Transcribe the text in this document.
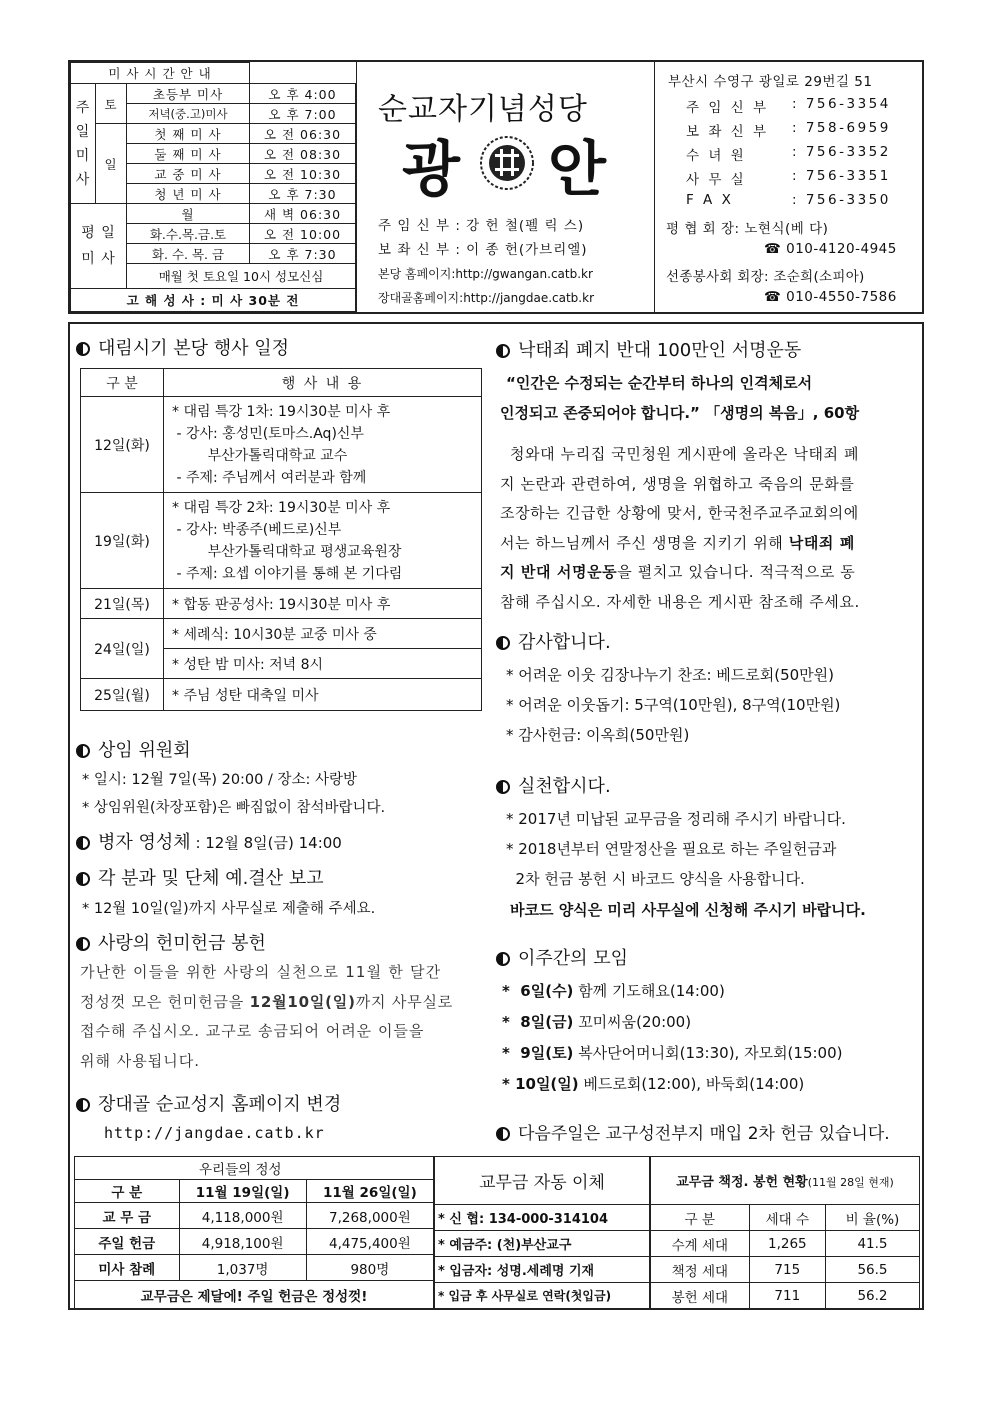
미 사 시 간 안 내			
주
일
미
사	토	초등부 미사	오 후 4:00
		저녁(중.고)미사	오 후 7:00
	일	첫 째 미 사	오 전 06:30
		둘 째 미 사	오 전 08:30
		교 중 미 사	오 전 10:30
		청 년 미 사	오 후 7:30
평 일
미 사		월	새 벽 06:30
		화.수.목.금.토	오 전 10:00
		화. 수. 목. 금	오 후 7:30
		매월 첫 토요일 10시 성모신심	
고 해 성 사 : 미 사 30분 전			
순교자기념성당
광 안
주 임 신 부 : 강 헌 철(펠 릭 스)
보 좌 신 부 : 이 종 헌(가브리엘)
본당 홈페이지:http://gwangan.catb.kr
장대골홈페이지:http://jangdae.catb.kr
부산시 수영구 광일로 29번길 51
주 임 신 부 : 756-3354
보 좌 신 부 : 758-6959
수 녀 원	: 756-3352
사 무 실	: 756-3351
F A X	: 756-3350
평 협 회 장: 노현식(베 다)
☎ 010-4120-4945
선종봉사회 회장: 조순희(소피아)
☎ 010-4550-7586
대림시기 본당 행사 일정
구 분	행 사 내 용
12일(화)	* 대림 특강 1차: 19시30분 미사 후
- 강사: 홍성민(토마스.Aq)신부
부산가톨릭대학교 교수
- 주제: 주님께서 여러분과 함께

19일(화)	* 대림 특강 2차: 19시30분 미사 후
- 강사: 박종주(베드로)신부
부산가톨릭대학교 평생교육원장
- 주제: 요셉 이야기를 통해 본 기다림

21일(목)	* 합동 판공성사: 19시30분 미사 후
24일(일)	* 세례식: 10시30분 교중 미사 중
	* 성탄 밤 미사: 저녁 8시
25일(월)	* 주님 성탄 대축일 미사
상임 위원회
* 일시: 12월 7일(목) 20:00 / 장소: 사랑방
* 상임위원(차장포함)은 빠짐없이 참석바랍니다.
병자 영성체 : 12월 8일(금) 14:00
각 분과 및 단체 예.결산 보고
* 12월 10일(일)까지 사무실로 제출해 주세요.
사랑의 헌미헌금 봉헌
가난한 이들을 위한 사랑의 실천으로 11월 한 달간
정성껏 모은 헌미헌금을 12월10일(일)까지 사무실로
접수해 주십시오. 교구로 송금되어 어려운 이들을
위해 사용됩니다.
장대골 순교성지 홈페이지 변경
http://jangdae.catb.kr
낙태죄 폐지 반대 100만인 서명운동
“인간은 수정되는 순간부터 하나의 인격체로서
인정되고 존중되어야 합니다.” 「생명의 복음」, 60항
청와대 누리집 국민청원 게시판에 올라온 낙태죄 폐
지 논란과 관련하여, 생명을 위협하고 죽음의 문화를
조장하는 긴급한 상황에 맞서, 한국천주교주교회의에
서는 하느님께서 주신 생명을 지키기 위해 낙태죄 폐
지 반대 서명운동을 펼치고 있습니다. 적극적으로 동
참해 주십시오. 자세한 내용은 게시판 참조해 주세요.
감사합니다.
* 어려운 이웃 김장나누기 찬조: 베드로회(50만원)
* 어려운 이웃돕기: 5구역(10만원), 8구역(10만원)
* 감사헌금: 이옥희(50만원)
실천합시다.
* 2017년 미납된 교무금을 정리해 주시기 바랍니다.
* 2018년부터 연말정산을 필요로 하는 주일헌금과
2차 헌금 봉헌 시 바코드 양식을 사용합니다.
바코드 양식은 미리 사무실에 신청해 주시기 바랍니다.
이주간의 모임
*  6일(수) 함께 기도해요(14:00)
*  8일(금) 꼬미씨움(20:00)
*  9일(토) 복사단어머니회(13:30), 자모회(15:00)
* 10일(일) 베드로회(12:00), 바둑회(14:00)
다음주일은 교구성전부지 매입 2차 헌금 있습니다.
	우리들의 정성	
구 분	11월 19일(일)	11월 26일(일)
교 무 금	4,118,000원	7,268,000원
주일 헌금	4,918,100원	4,475,400원
미사 참례	1,037명	980명
교무금은 제달에! 주일 헌금은 정성껏!		
교무금 자동 이체
* 신 협: 134-000-314104
* 예금주: (천)부산교구
* 입금자: 성명.세례명 기재
* 입금 후 사무실로 연락(첫입금)
교무금 책정. 봉헌 현황(11월 28일 현재)		
구 분	세대 수	비 율(%)
수계 세대	1,265	41.5
책정 세대	715	56.5
봉헌 세대	711	56.2
